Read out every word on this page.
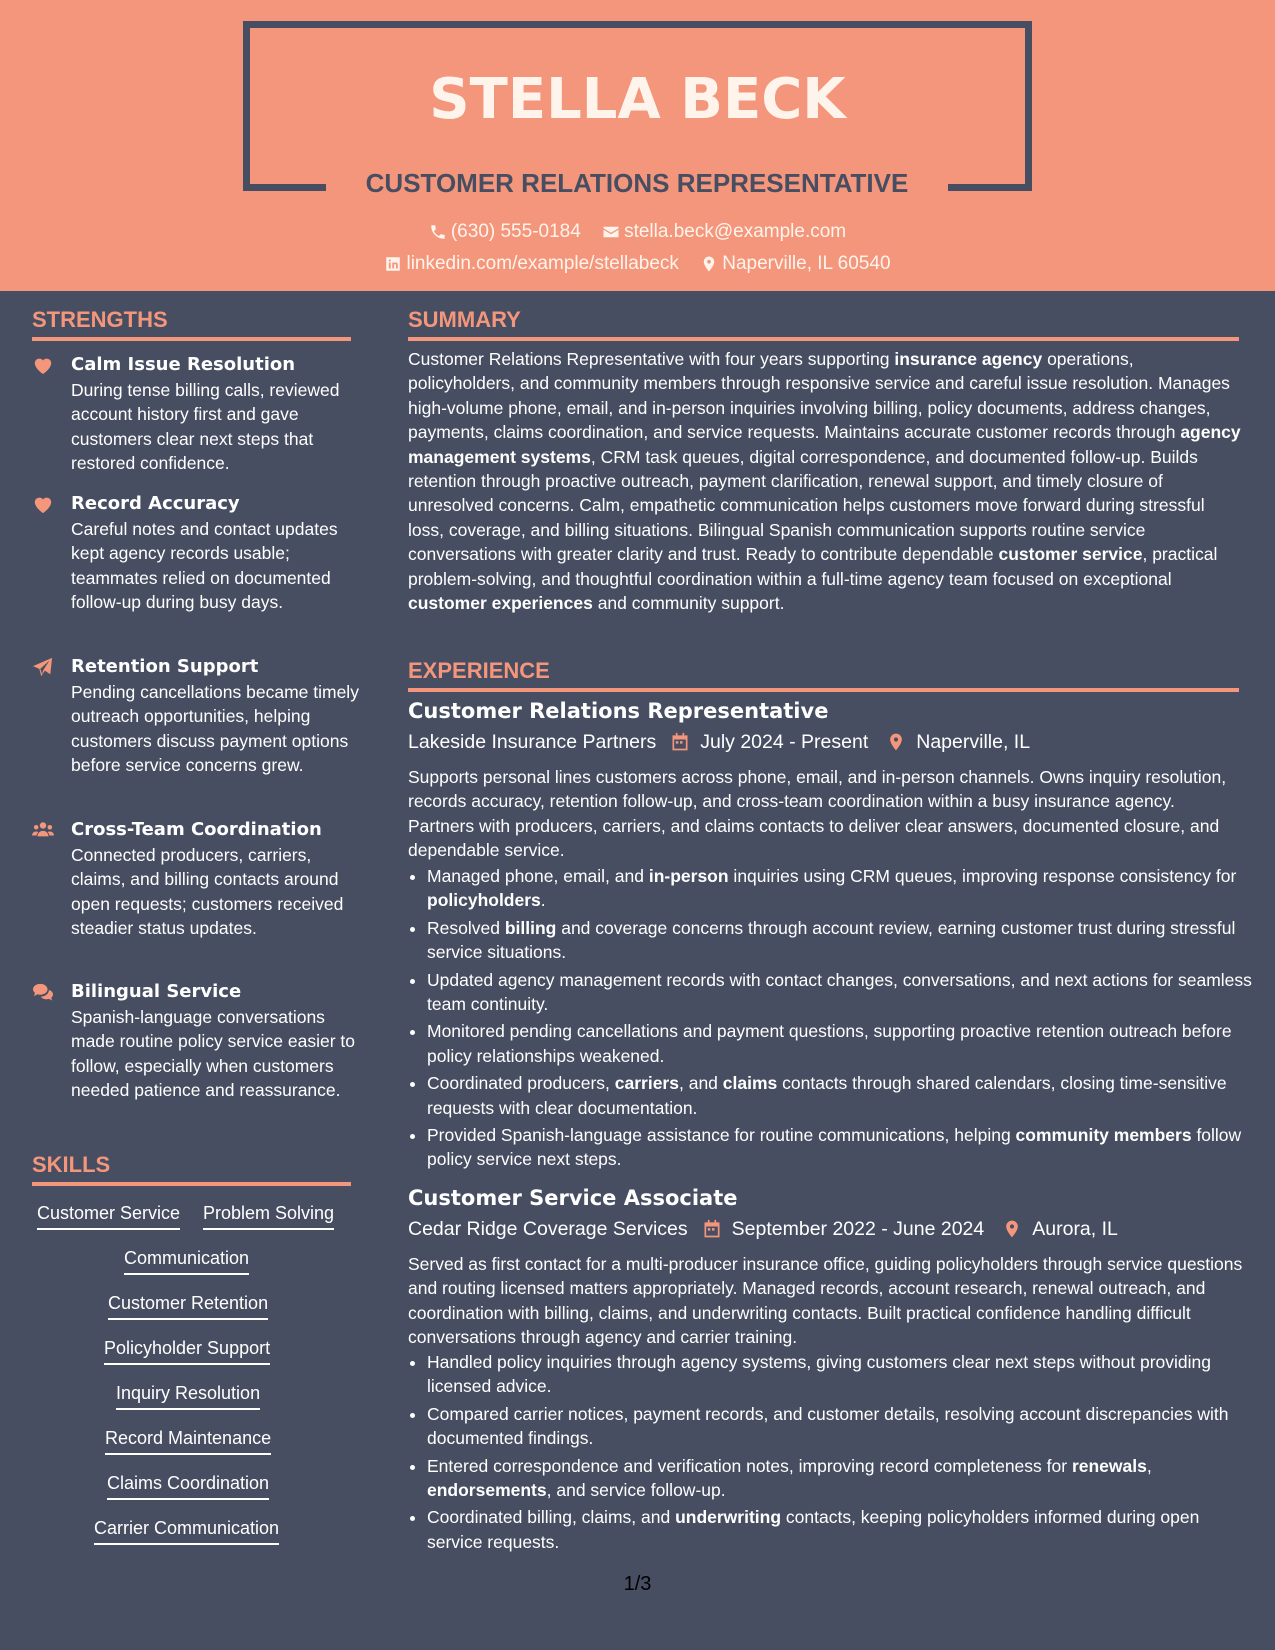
STELLA BECK
CUSTOMER RELATIONS REPRESENTATIVE
(630) 555-0184
stella.beck@example.com
linkedin.com/example/stellabeck
Naperville, IL 60540
STRENGTHS
Calm Issue Resolution
During tense billing calls, reviewed account history first and gave customers clear next steps that restored confidence.
Record Accuracy
Careful notes and contact updates kept agency records usable; teammates relied on documented follow-up during busy days.
Retention Support
Pending cancellations became timely outreach opportunities, helping customers discuss payment options before service concerns grew.
Cross-Team Coordination
Connected producers, carriers, claims, and billing contacts around open requests; customers received steadier status updates.
Bilingual Service
Spanish-language conversations made routine policy service easier to follow, especially when customers needed patience and reassurance.
SKILLS
Customer Service Problem Solving
Communication
Customer Retention
Policyholder Support
Inquiry Resolution
Record Maintenance
Claims Coordination
Carrier Communication
SUMMARY
Customer Relations Representative with four years supporting insurance agency operations, policyholders, and community members through responsive service and careful issue resolution. Manages high-volume phone, email, and in-person inquiries involving billing, policy documents, address changes, payments, claims coordination, and service requests. Maintains accurate customer records through agency management systems, CRM task queues, digital correspondence, and documented follow-up. Builds retention through proactive outreach, payment clarification, renewal support, and timely closure of unresolved concerns. Calm, empathetic communication helps customers move forward during stressful loss, coverage, and billing situations. Bilingual Spanish communication supports routine service conversations with greater clarity and trust. Ready to contribute dependable customer service, practical problem-solving, and thoughtful coordination within a full-time agency team focused on exceptional customer experiences and community support.
EXPERIENCE
Customer Relations Representative
Lakeside Insurance Partners July 2024 - Present Naperville, IL
Supports personal lines customers across phone, email, and in-person channels. Owns inquiry resolution, records accuracy, retention follow-up, and cross-team coordination within a busy insurance agency. Partners with producers, carriers, and claims contacts to deliver clear answers, documented closure, and dependable service.
• Managed phone, email, and in-person inquiries using CRM queues, improving response consistency for policyholders.
• Resolved billing and coverage concerns through account review, earning customer trust during stressful service situations.
• Updated agency management records with contact changes, conversations, and next actions for seamless team continuity.
• Monitored pending cancellations and payment questions, supporting proactive retention outreach before policy relationships weakened.
• Coordinated producers, carriers, and claims contacts through shared calendars, closing time-sensitive requests with clear documentation.
• Provided Spanish-language assistance for routine communications, helping community members follow policy service next steps.
Customer Service Associate
Cedar Ridge Coverage Services September 2022 - June 2024 Aurora, IL
Served as first contact for a multi-producer insurance office, guiding policyholders through service questions and routing licensed matters appropriately. Managed records, account research, renewal outreach, and coordination with billing, claims, and underwriting contacts. Built practical confidence handling difficult conversations through agency and carrier training.
• Handled policy inquiries through agency systems, giving customers clear next steps without providing licensed advice.
• Compared carrier notices, payment records, and customer details, resolving account discrepancies with documented findings.
• Entered correspondence and verification notes, improving record completeness for renewals, endorsements, and service follow-up.
• Coordinated billing, claims, and underwriting contacts, keeping policyholders informed during open service requests.
1/3
